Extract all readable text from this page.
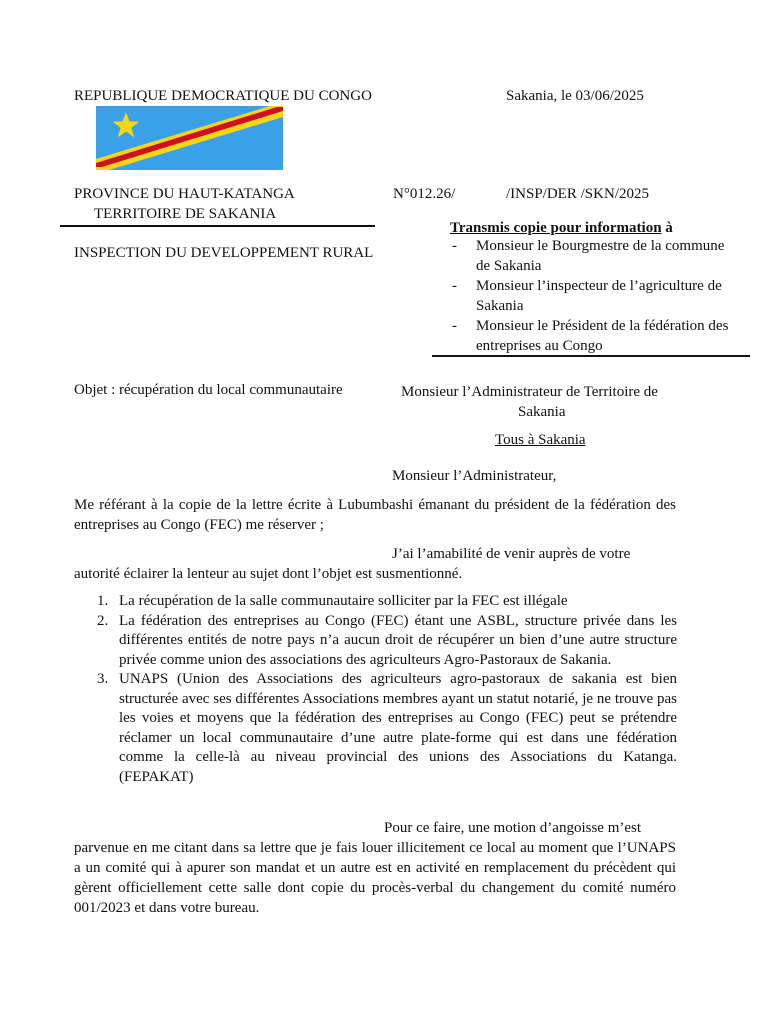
REPUBLIQUE DEMOCRATIQUE DU CONGO	Sakania, le 03/06/2025
PROVINCE DU HAUT-KATANGA	N°012.26/	/INSP/DER /SKN/2025
TERRITOIRE DE SAKANIA
INSPECTION DU DEVELOPPEMENT RURAL
Transmis copie pour information à
- Monsieur le Bourgmestre de la commune de Sakania
- Monsieur l’inspecteur de l’agriculture de Sakania
- Monsieur le Président de la fédération des entreprises au Congo
Objet : récupération du local communautaire	Monsieur l’Administrateur de Territoire de
Sakania
Tous à Sakania
Monsieur l’Administrateur,
Me référant à la copie de la lettre écrite à Lubumbashi émanant du président de la fédération des entreprises au Congo (FEC) me réserver ;
J’ai l’amabilité de venir auprès de votre
autorité éclairer la lenteur au sujet dont l’objet est susmentionné.
1. La récupération de la salle communautaire solliciter par la FEC est illégale
2. La fédération des entreprises au Congo (FEC) étant une ASBL, structure privée dans les différentes entités de notre pays n’a aucun droit de récupérer un bien d’une autre structure privée comme union des associations des agriculteurs Agro-Pastoraux de Sakania.
3. UNAPS (Union des Associations des agriculteurs agro-pastoraux de sakania est bien structurée avec ses différentes Associations membres ayant un statut notarié, je ne trouve pas les voies et moyens que la fédération des entreprises au Congo (FEC) peut se prétendre réclamer un local communautaire d’une autre plate-forme qui est dans une fédération comme la celle-là au niveau provincial des unions des Associations du Katanga. (FEPAKAT)
Pour ce faire, une motion d’angoisse m’est
parvenue en me citant dans sa lettre que je fais louer illicitement ce local au moment que l’UNAPS a un comité qui à apurer son mandat et un autre est en activité en remplacement du précèdent qui gèrent officiellement cette salle dont copie du procès-verbal du changement du comité numéro 001/2023 et dans votre bureau.
